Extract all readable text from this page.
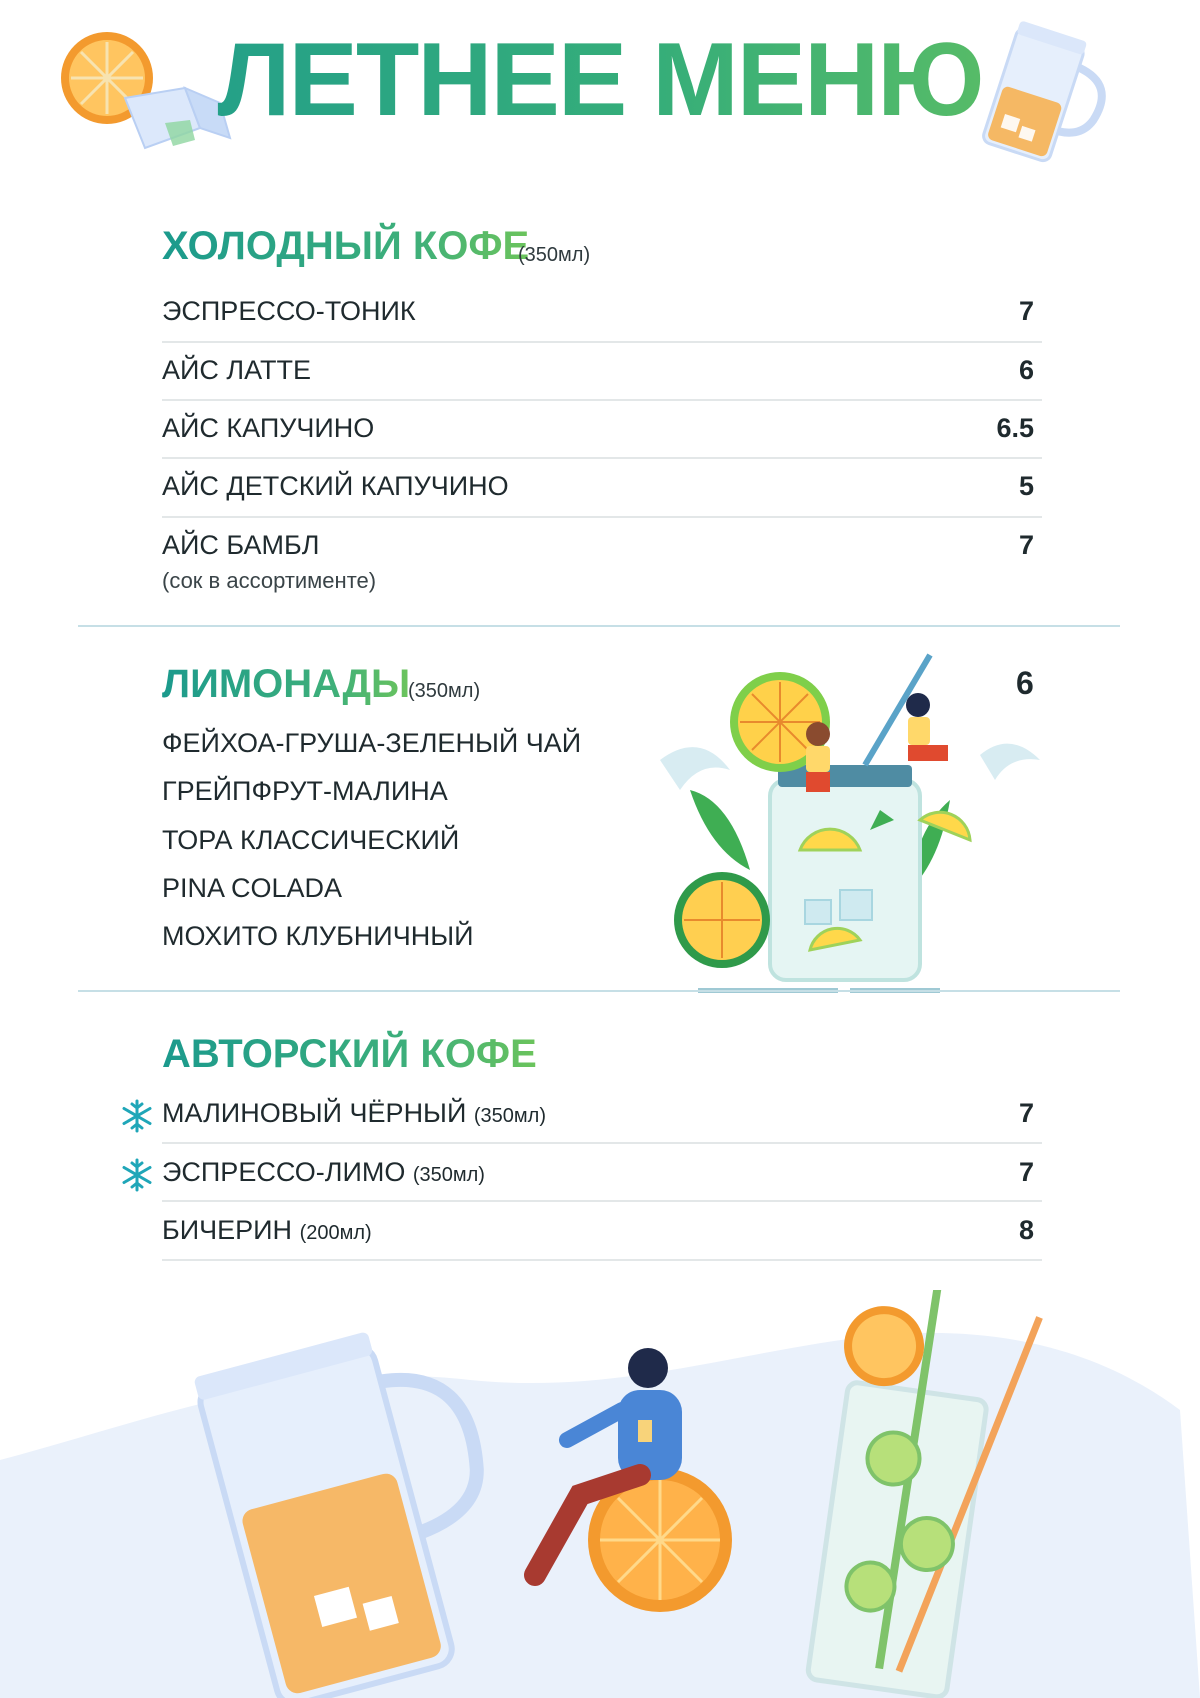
ЛЕТНЕЕ МЕНЮ
ХОЛОДНЫЙ КОФЕ
(350мл)
ЭСПРЕССО-ТОНИК	7
АЙС ЛАТТЕ	6
АЙС КАПУЧИНО	6.5
АЙС ДЕТСКИЙ КАПУЧИНО	5
АЙС БАМБЛ	7
(сок в ассортименте)
ЛИМОНАДЫ
(350мл)	6
ФЕЙХОА-ГРУША-ЗЕЛЕНЫЙ ЧАЙ
ГРЕЙПФРУТ-МАЛИНА
ТОРА КЛАССИЧЕСКИЙ
PINA COLADA
МОХИТО КЛУБНИЧНЫЙ
АВТОРСКИЙ КОФЕ
МАЛИНОВЫЙ ЧЁРНЫЙ (350мл)	7
ЭСПРЕССО-ЛИМО (350мл)	7
БИЧЕРИН (200мл)	8
